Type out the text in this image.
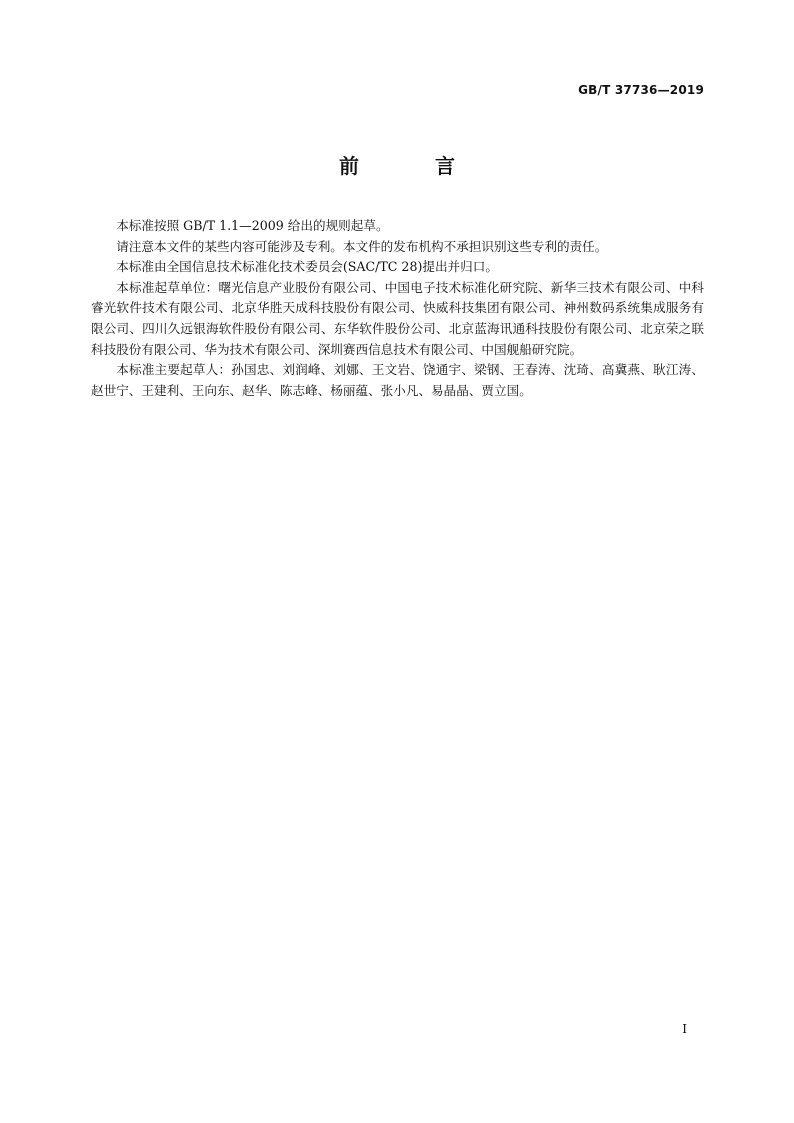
GB/T 37736—2019
前　言

本标准按照 GB/T 1.1—2009 给出的规则起草。

请注意本文件的某些内容可能涉及专利。本文件的发布机构不承担识别这些专利的责任。

本标准由全国信息技术标准化技术委员会(SAC/TC 28)提出并归口。

本标准起草单位：曙光信息产业股份有限公司、中国电子技术标准化研究院、新华三技术有限公司、中科睿光软件技术有限公司、北京华胜天成科技股份有限公司、快威科技集团有限公司、神州数码系统集成服务有限公司、四川久远银海软件股份有限公司、东华软件股份公司、北京蓝海讯通科技股份有限公司、北京荣之联科技股份有限公司、华为技术有限公司、深圳赛西信息技术有限公司、中国舰船研究院。

本标准主要起草人：孙国忠、刘润峰、刘娜、王文岩、饶通宇、梁钢、王春涛、沈琦、高冀燕、耿江涛、赵世宁、王建利、王向东、赵华、陈志峰、杨丽蕴、张小凡、易晶晶、贾立国。

I
